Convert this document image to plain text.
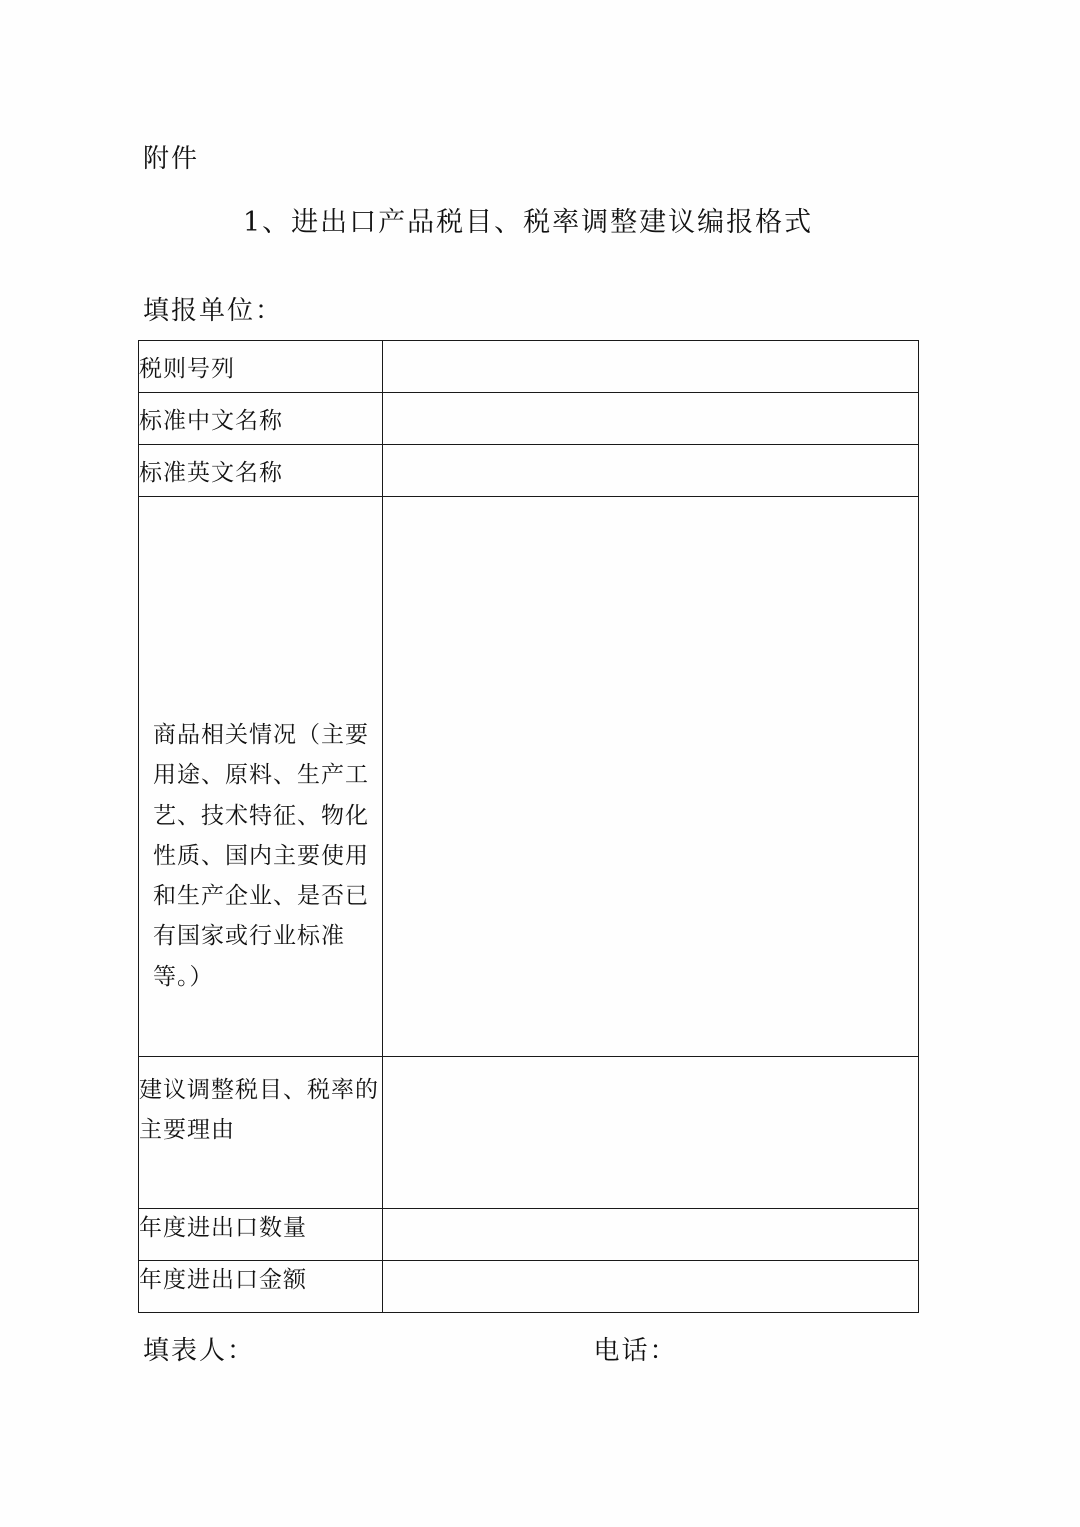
附件
1、进出口产品税目、税率调整建议编报格式
填报单位：
税则号列	

标准中文名称	

标准英文名称	

商品相关情况（主要用途、原料、生产工艺、技术特征、物化性质、国内主要使用和生产企业、是否已有国家或行业标准等。）	

建议调整税目、税率的主要理由	

年度进出口数量	

年度进出口金额	

填表人：	电话：
